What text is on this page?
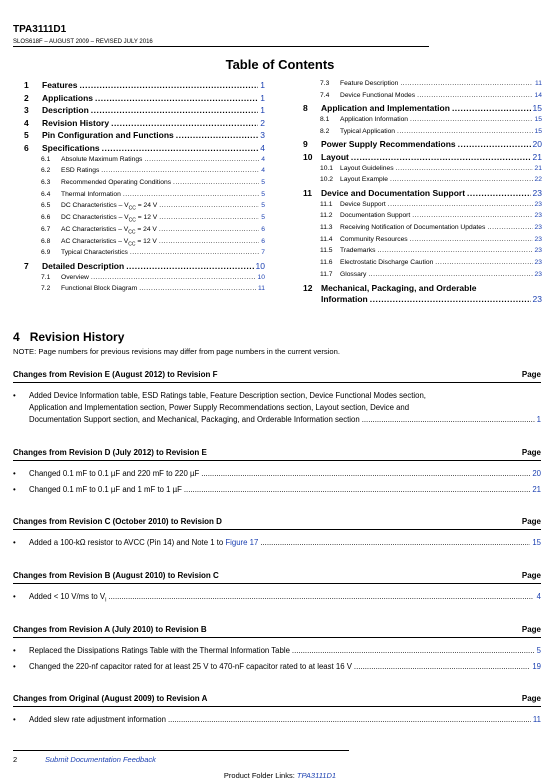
TPA3111D1
SLOS618F – AUGUST 2009 – REVISED JULY 2016
Table of Contents
1	Features .....	1
2	Applications .....	1
3	Description .....	1
4	Revision History .....	2
5	Pin Configuration and Functions .....	3
6	Specifications .....	4
6.1	Absolute Maximum Ratings .....	4
6.2	ESD Ratings .....	4
6.3	Recommended Operating Conditions .....	5
6.4	Thermal Information .....	5
6.5	DC Characteristics – $V_{CC} = 24$ V .....	5
6.6	DC Characteristics – $V_{CC} = 12$ V .....	5
6.7	AC Characteristics – $V_{CC} = 24$ V .....	6
6.8	AC Characteristics – $V_{CC} = 12$ V .....	6
6.9	Typical Characteristics .....	7
7	Detailed Description .....	10
7.1	Overview .....	10
7.2	Functional Block Diagram .....	11
7.3	Feature Description .....	11
7.4	Device Functional Modes .....	14
8	Application and Implementation .....	15
8.1	Application Information .....	15
8.2	Typical Application .....	15
9	Power Supply Recommendations .....	20
10	Layout .....	21
10.1	Layout Guidelines .....	21
10.2	Layout Example .....	22
11	Device and Documentation Support .....	23
11.1	Device Support .....	23
11.2	Documentation Support .....	23
11.3	Receiving Notification of Documentation Updates .....	23
11.4	Community Resources .....	23
11.5	Trademarks .....	23
11.6	Electrostatic Discharge Caution .....	23
11.7	Glossary .....	23
12	Mechanical, Packaging, and Orderable
Information .....	23
4 Revision History
NOTE: Page numbers for previous revisions may differ from page numbers in the current version.
Changes from Revision E (August 2012) to Revision F	Page
• Added Device Information table, ESD Ratings table, Feature Description section, Device Functional Modes section,
Application and Implementation section, Power Supply Recommendations section, Layout section, Device and
Documentation Support section, and Mechanical, Packaging, and Orderable Information section .....	1
Changes from Revision D (July 2012) to Revision E	Page
• Changed 0.1 mF to 0.1 µF and 220 mF to 220 µF .....	20
• Changed 0.1 mF to 0.1 µF and 1 mF to 1 µF .....	21
Changes from Revision C (October 2010) to Revision D	Page
• Added a 100-kΩ resistor to AVCC (Pin 14) and Note 1 to Figure 17 .....	15
Changes from Revision B (August 2010) to Revision C	Page
• Added < 10 V/ms to $V_I$ .....	4
Changes from Revision A (July 2010) to Revision B	Page
• Replaced the Dissipations Ratings Table with the Thermal Information Table .....	5
• Changed the 220-nf capacitor rated for at least 25 V to 470-nF capacitor rated to at least 16 V .....	19
Changes from Original (August 2009) to Revision A	Page
• Added slew rate adjustment information .....	11
2	Submit Documentation Feedback
Product Folder Links: TPA3111D1
